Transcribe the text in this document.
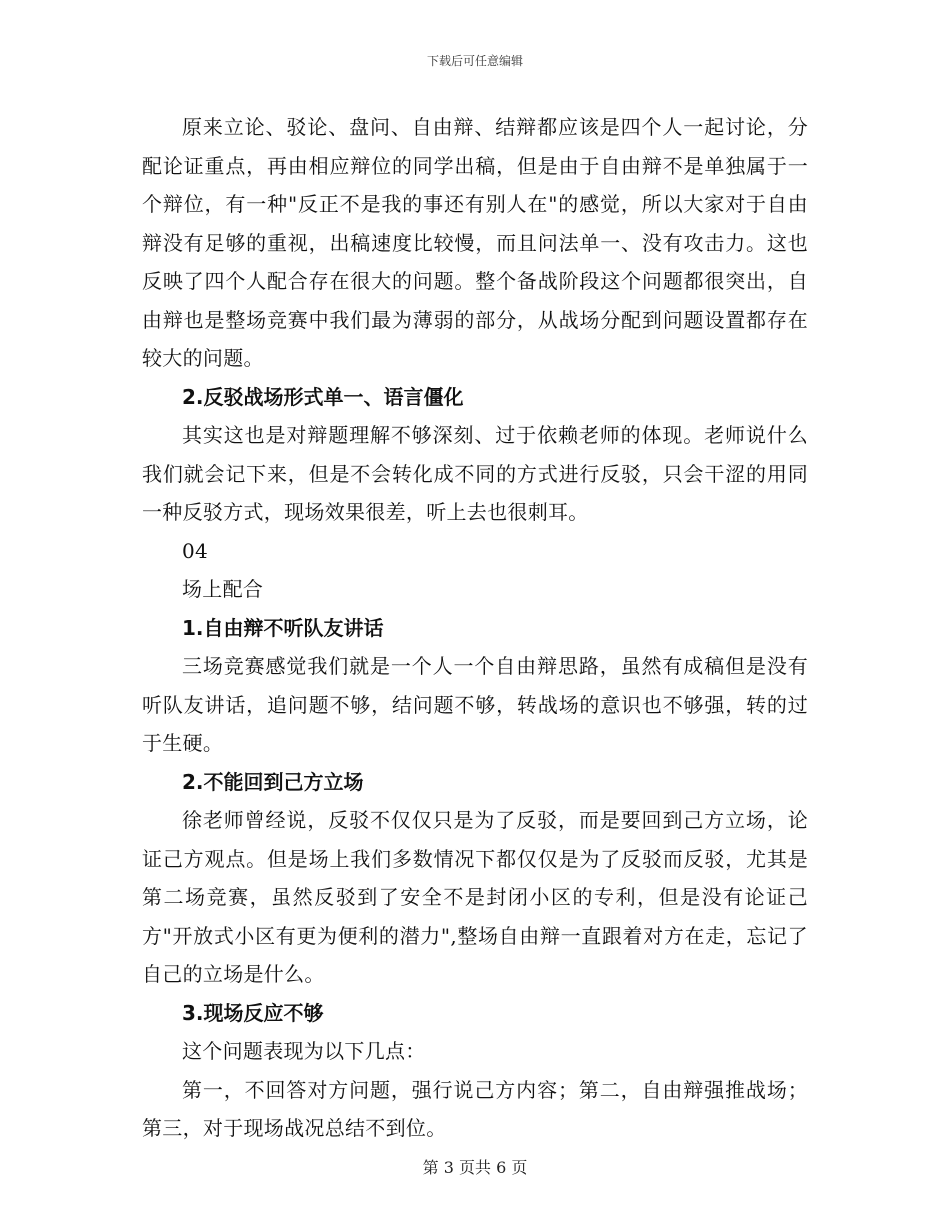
下载后可任意编辑

原来立论、驳论、盘问、自由辩、结辩都应该是四个人一起讨论，分配论证重点，再由相应辩位的同学出稿，但是由于自由辩不是单独属于一个辩位，有一种"反正不是我的事还有别人在"的感觉，所以大家对于自由辩没有足够的重视，出稿速度比较慢，而且问法单一、没有攻击力。这也反映了四个人配合存在很大的问题。整个备战阶段这个问题都很突出，自由辩也是整场竞赛中我们最为薄弱的部分，从战场分配到问题设置都存在较大的问题。

2.反驳战场形式单一、语言僵化

其实这也是对辩题理解不够深刻、过于依赖老师的体现。老师说什么我们就会记下来，但是不会转化成不同的方式进行反驳，只会干涩的用同一种反驳方式，现场效果很差，听上去也很刺耳。

04

场上配合

1.自由辩不听队友讲话

三场竞赛感觉我们就是一个人一个自由辩思路，虽然有成稿但是没有听队友讲话，追问题不够，结问题不够，转战场的意识也不够强，转的过于生硬。

2.不能回到己方立场

徐老师曾经说，反驳不仅仅只是为了反驳，而是要回到己方立场，论证己方观点。但是场上我们多数情况下都仅仅是为了反驳而反驳，尤其是第二场竞赛，虽然反驳到了安全不是封闭小区的专利，但是没有论证己方"开放式小区有更为便利的潜力",整场自由辩一直跟着对方在走，忘记了自己的立场是什么。

3.现场反应不够

这个问题表现为以下几点：

第一，不回答对方问题，强行说己方内容；第二，自由辩强推战场；第三，对于现场战况总结不到位。

第 3 页共 6 页
